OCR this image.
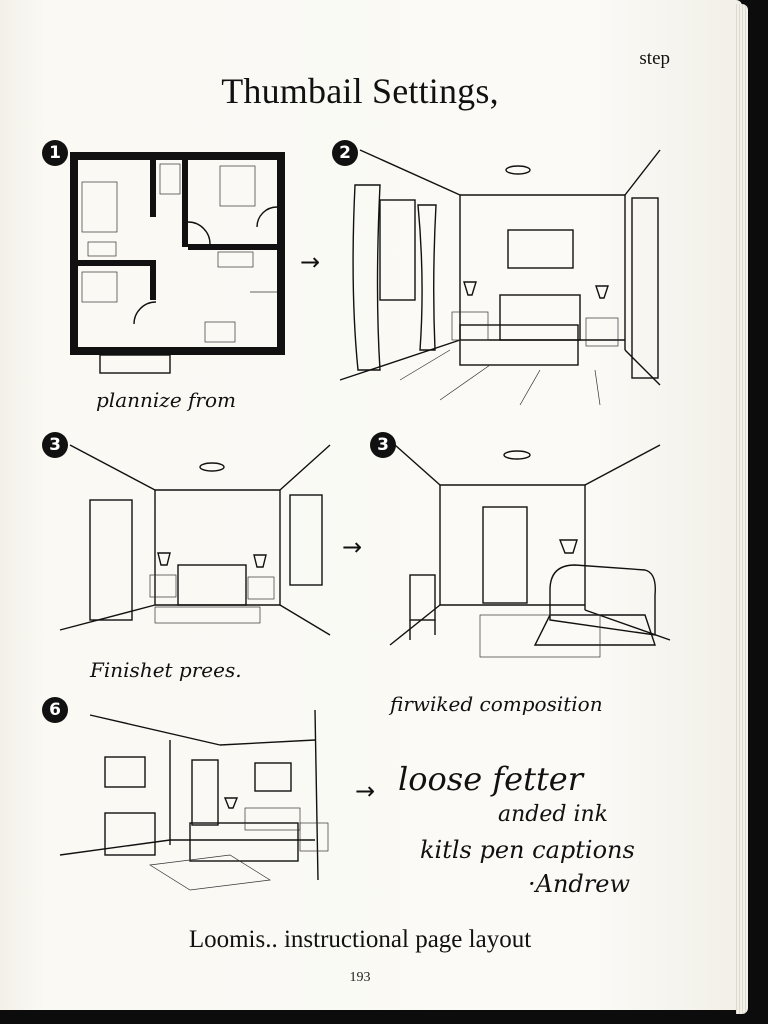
step
Thumbail Settings,
1
→
plannize from
2
3
Finishet prees.
→
3
firwiked composition
6
→ loose fetter
anded ink
kitls pen captions
·Andrew
Loomis.. instructional page layout
193
